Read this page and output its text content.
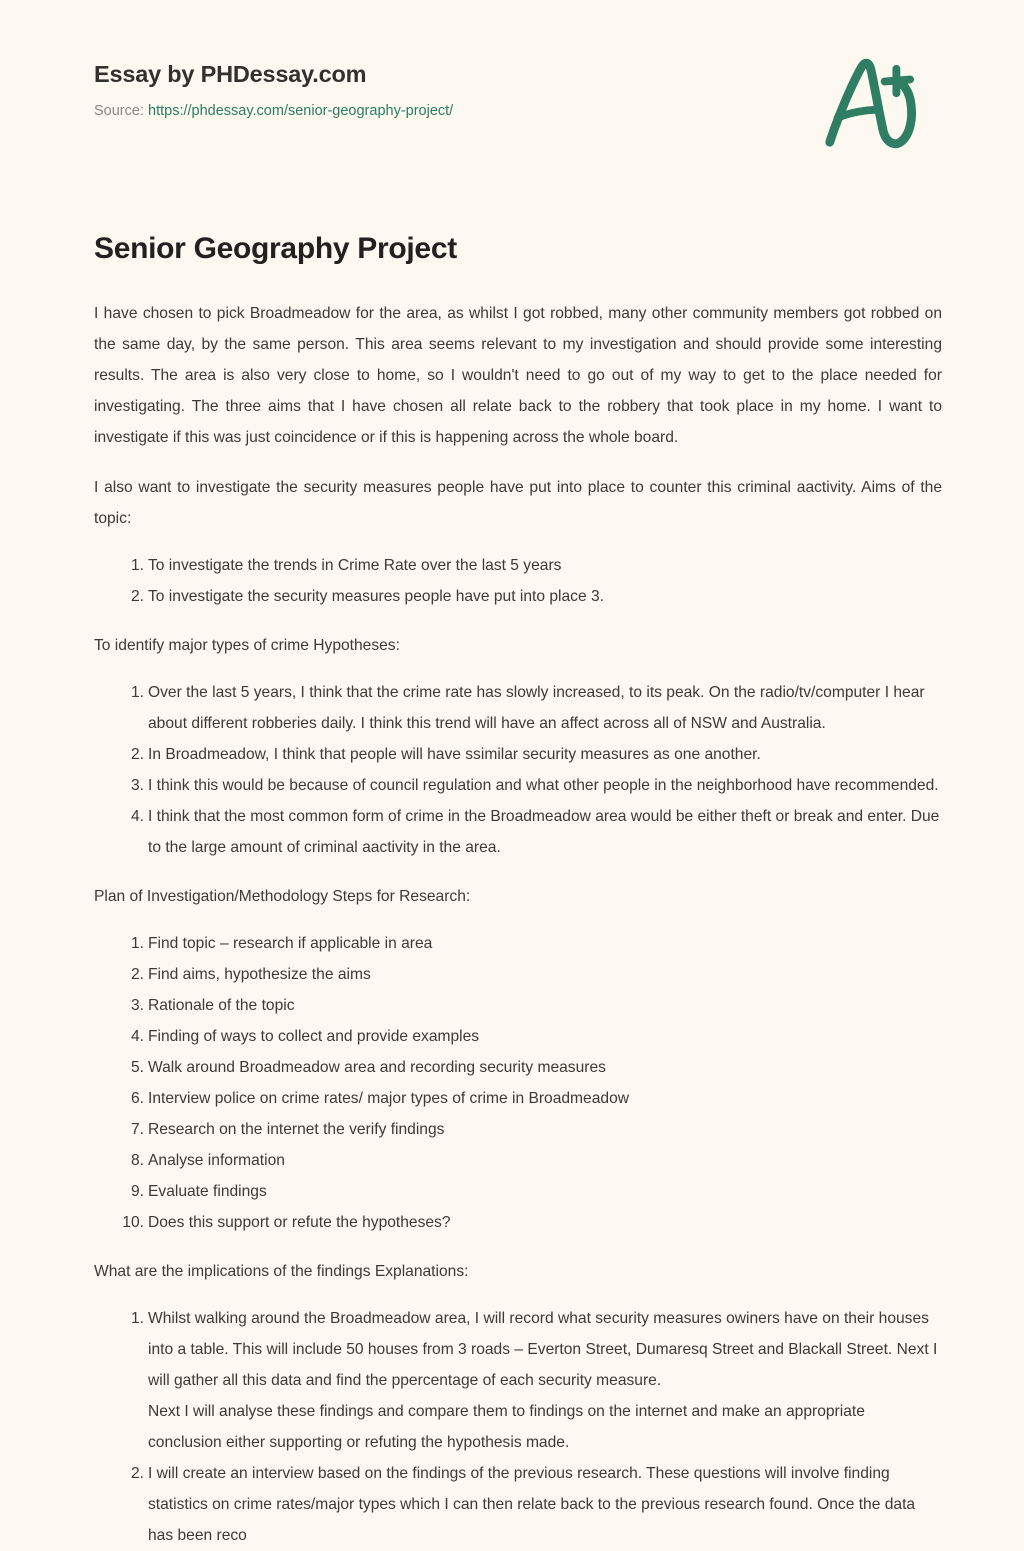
Essay by PHDessay.com
Source: https://phdessay.com/senior-geography-project/
Senior Geography Project

I have chosen to pick Broadmeadow for the area, as whilst I got robbed, many other community members got robbed on the same day, by the same person. This area seems relevant to my investigation and should provide some interesting results. The area is also very close to home, so I wouldn't need to go out of my way to get to the place needed for investigating. The three aims that I have chosen all relate back to the robbery that took place in my home. I want to investigate if this was just coincidence or if this is happening across the whole board.

I also want to investigate the security measures people have put into place to counter this criminal aactivity. Aims of the topic:

To investigate the trends in Crime Rate over the last 5 years
To investigate the security measures people have put into place 3.

To identify major types of crime Hypotheses:

Over the last 5 years, I think that the crime rate has slowly increased, to its peak. On the radio/tv/computer I hear about different robberies daily. I think this trend will have an affect across all of NSW and Australia.
In Broadmeadow, I think that people will have ssimilar security measures as one another.
I think this would be because of council regulation and what other people in the neighborhood have recommended.
I think that the most common form of crime in the Broadmeadow area would be either theft or break and enter. Due to the large amount of criminal aactivity in the area.

Plan of Investigation/Methodology Steps for Research:

Find topic – research if applicable in area
Find aims, hypothesize the aims
Rationale of the topic
Finding of ways to collect and provide examples
Walk around Broadmeadow area and recording security measures
Interview police on crime rates/ major types of crime in Broadmeadow
Research on the internet the verify findings
Analyse information
Evaluate findings
Does this support or refute the hypotheses?

What are the implications of the findings Explanations:

Whilst walking around the Broadmeadow area, I will record what security measures owiners have on their houses into a table. This will include 50 houses from 3 roads – Everton Street, Dumaresq Street and Blackall Street. Next I will gather all this data and find the ppercentage of each security measure.
Next I will analyse these findings and compare them to findings on the internet and make an appropriate conclusion either supporting or refuting the hypothesis made.
I will create an interview based on the findings of the previous research. These questions will involve finding statistics on crime rates/major types which I can then relate back to the previous research found. Once the data has been reco
